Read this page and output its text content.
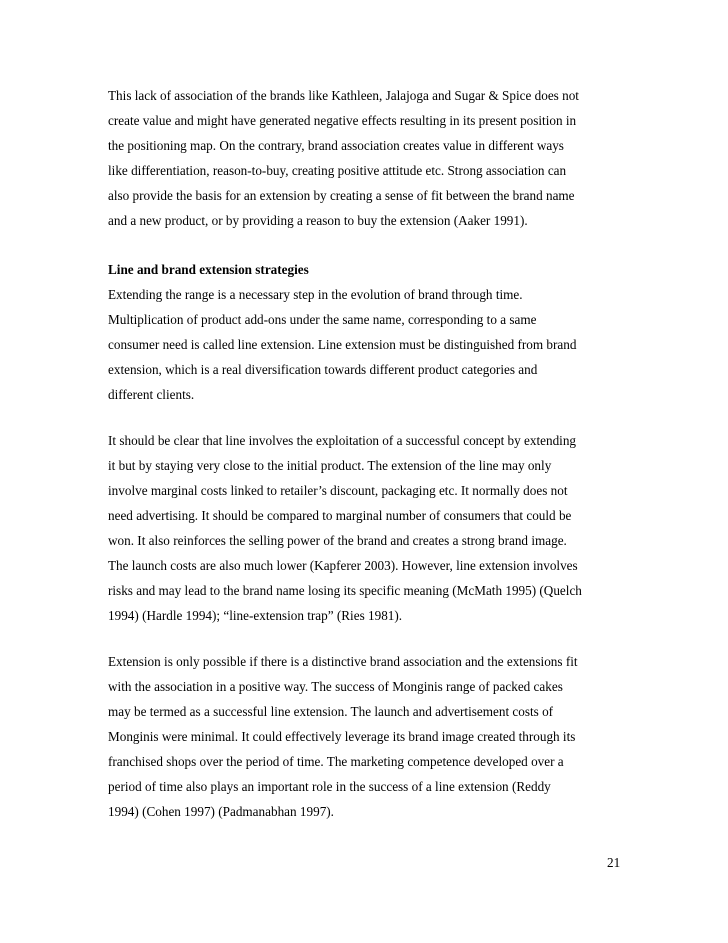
This lack of association of the brands like Kathleen, Jalajoga and Sugar & Spice does not
create value and might have generated negative effects resulting in its present position in
the positioning map. On the contrary, brand association creates value in different ways
like differentiation, reason-to-buy, creating positive attitude etc. Strong association can
also provide the basis for an extension by creating a sense of fit between the brand name
and a new product, or by providing a reason to buy the extension (Aaker 1991).
Line and brand extension strategies
Extending the range is a necessary step in the evolution of brand through time.
Multiplication of product add-ons under the same name, corresponding to a same
consumer need is called line extension. Line extension must be distinguished from brand
extension, which is a real diversification towards different product categories and
different clients.
It should be clear that line involves the exploitation of a successful concept by extending
it but by staying very close to the initial product. The extension of the line may only
involve marginal costs linked to retailer’s discount, packaging etc. It normally does not
need advertising. It should be compared to marginal number of consumers that could be
won. It also reinforces the selling power of the brand and creates a strong brand image.
The launch costs are also much lower (Kapferer 2003). However, line extension involves
risks and may lead to the brand name losing its specific meaning (McMath 1995) (Quelch
1994) (Hardle 1994); “line-extension trap” (Ries 1981).
Extension is only possible if there is a distinctive brand association and the extensions fit
with the association in a positive way. The success of Monginis range of packed cakes
may be termed as a successful line extension. The launch and advertisement costs of
Monginis were minimal. It could effectively leverage its brand image created through its
franchised shops over the period of time. The marketing competence developed over a
period of time also plays an important role in the success of a line extension (Reddy
1994) (Cohen 1997) (Padmanabhan 1997).
21
